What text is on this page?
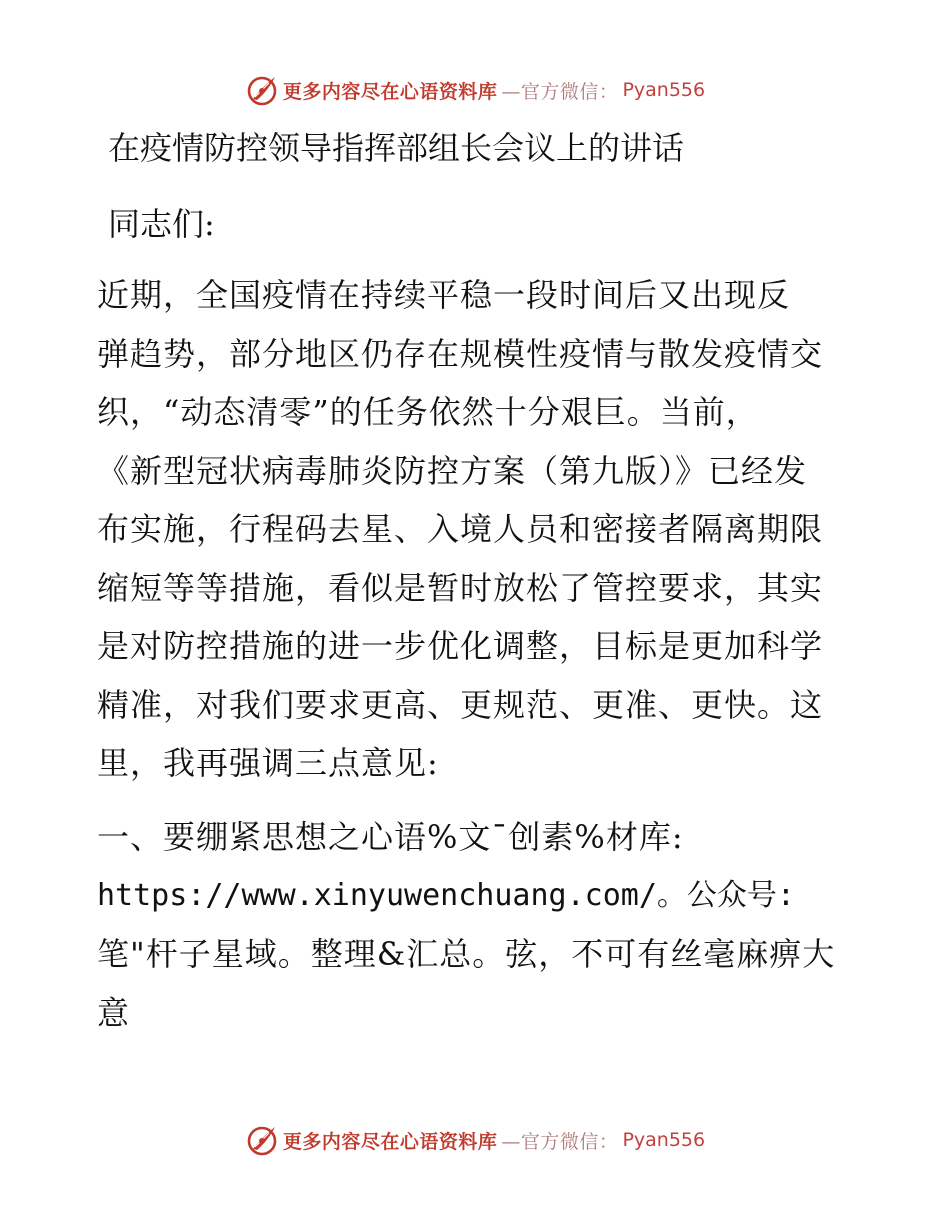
更多内容尽在心语资料库 —官方微信： Pyan556
在疫情防控领导指挥部组长会议上的讲话

同志们:

近期，全国疫情在持续平稳一段时间后又出现反
弹趋势，部分地区仍存在规模性疫情与散发疫情交
织，“动态清零”的任务依然十分艰巨。当前，
《新型冠状病毒肺炎防控方案（第九版）》已经发
布实施，行程码去星、入境人员和密接者隔离期限
缩短等等措施，看似是暂时放松了管控要求，其实
是对防控措施的进一步优化调整，目标是更加科学
精准，对我们要求更高、更规范、更准、更快。这
里，我再强调三点意见:
一、要绷紧思想之心语%文¯创素%材库:
https://www.xinyuwenchuang.com/。公众号:
笔"杆子星域。整理&汇总。弦，不可有丝毫麻痹大
意
更多内容尽在心语资料库 —官方微信： Pyan556
